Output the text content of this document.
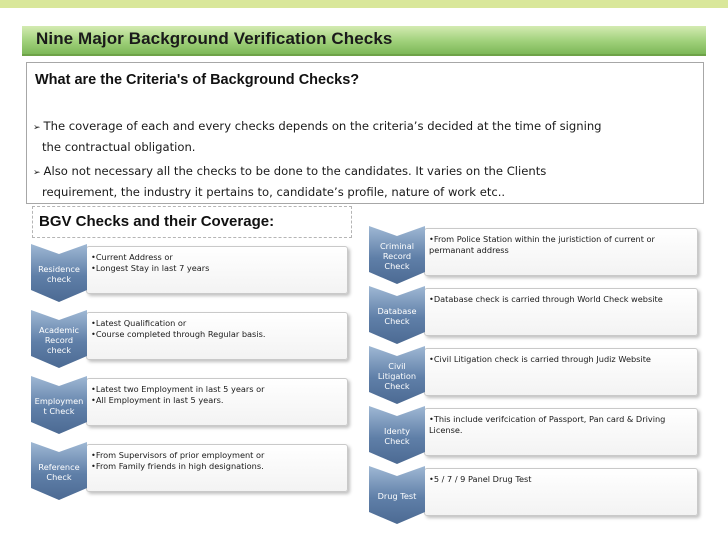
Nine Major Background Verification Checks
What are the Criteria's of Background Checks?
➢ The coverage of each and every checks depends on the criteria’s decided at the time of signing
the contractual obligation.
➢ Also not necessary all the checks to be done to the candidates. It varies on the Clients
requirement, the industry it pertains to, candidate’s profile, nature of work etc..
BGV Checks and their Coverage:
•Current Address or
•Longest Stay in last 7 years
Residence
check
•Latest Qualification or
•Course completed through Regular basis.
Academic
Record
check
•Latest two Employment in last 5 years or
•All Employment in last 5 years.
Employmen
t Check
•From Supervisors of prior employment or
•From Family friends in high designations.
Reference
Check
•From Police Station within the juristiction of current or
permanant address
Criminal
Record
Check
•Database check is carried through World Check website
Database
Check
•Civil Litigation check is carried through Judiz Website
Civil
Litigation
Check
•This include verifcication of Passport, Pan card & Driving
License.
Identy
Check
•5 / 7 / 9 Panel Drug Test
Drug Test
